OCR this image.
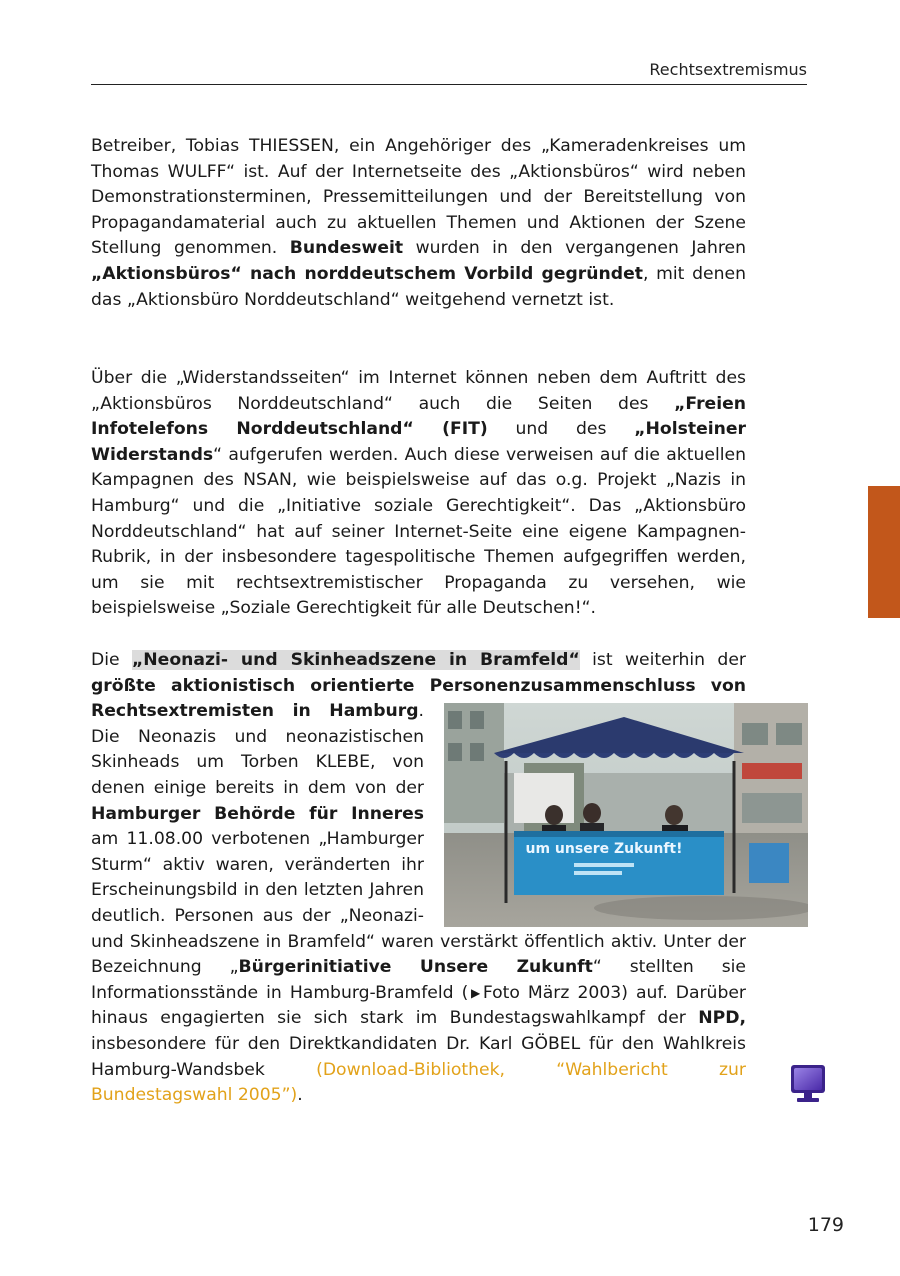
Rechtsextremismus

Betreiber, Tobias THIESSEN, ein Angehöriger des „Kameradenkreises um Thomas WULFF“ ist. Auf der Internetseite des „Aktionsbüros“ wird neben Demonstrationsterminen, Pressemitteilungen und der Bereitstellung von Propagandamaterial auch zu aktuellen Themen und Aktionen der Szene Stellung genommen. Bundesweit wurden in den vergangenen Jahren „Aktionsbüros“ nach norddeutschem Vorbild gegründet, mit denen das „Aktionsbüro Norddeutschland“ weitgehend vernetzt ist.

Über die „Widerstandsseiten“ im Internet können neben dem Auftritt des „Aktionsbüros Norddeutschland“ auch die Seiten des „Freien Infotelefons Norddeutschland“ (FIT) und des „Holsteiner Widerstands“ aufgerufen werden. Auch diese verweisen auf die aktuellen Kampagnen des NSAN, wie beispielsweise auf das o.g. Projekt „Nazis in Hamburg“ und die „Initiative soziale Gerechtigkeit“. Das „Aktionsbüro Norddeutschland“ hat auf seiner Internet-Seite eine eigene Kampagnen-Rubrik, in der insbesondere tagespolitische Themen aufgegriffen werden, um sie mit rechtsextremistischer Propaganda zu versehen, wie beispielsweise „Soziale Gerechtigkeit für alle Deutschen!“.

Die „Neonazi- und Skinheadszene in Bramfeld“ ist weiterhin der größte aktionistisch orientierte Personenzusammenschluss von Rechtsextremisten in Hamburg
um unsere Zukunft!
. Die Neonazis und neonazistischen Skinheads um Torben KLEBE, von denen einige bereits in dem von der Hamburger Behörde für Inneres am 11.08.00 verbotenen „Hamburger Sturm“ aktiv waren, veränderten ihr Erscheinungsbild in den letzten Jahren deutlich. Personen aus der „Neonazi- und Skinheadszene in Bramfeld“ waren verstärkt öffentlich aktiv. Unter der Bezeichnung „Bürgerinitiative Unsere Zukunft“ stellten sie Informationsstände in Hamburg-Bramfeld (▶Foto März 2003) auf. Darüber hinaus engagierten sie sich stark im Bundestagswahlkampf der NPD, insbesondere für den Direktkandidaten Dr. Karl GÖBEL für den Wahlkreis Hamburg-Wandsbek (Download-Bibliothek, “Wahlbericht zur Bundestagswahl 2005”).

179
